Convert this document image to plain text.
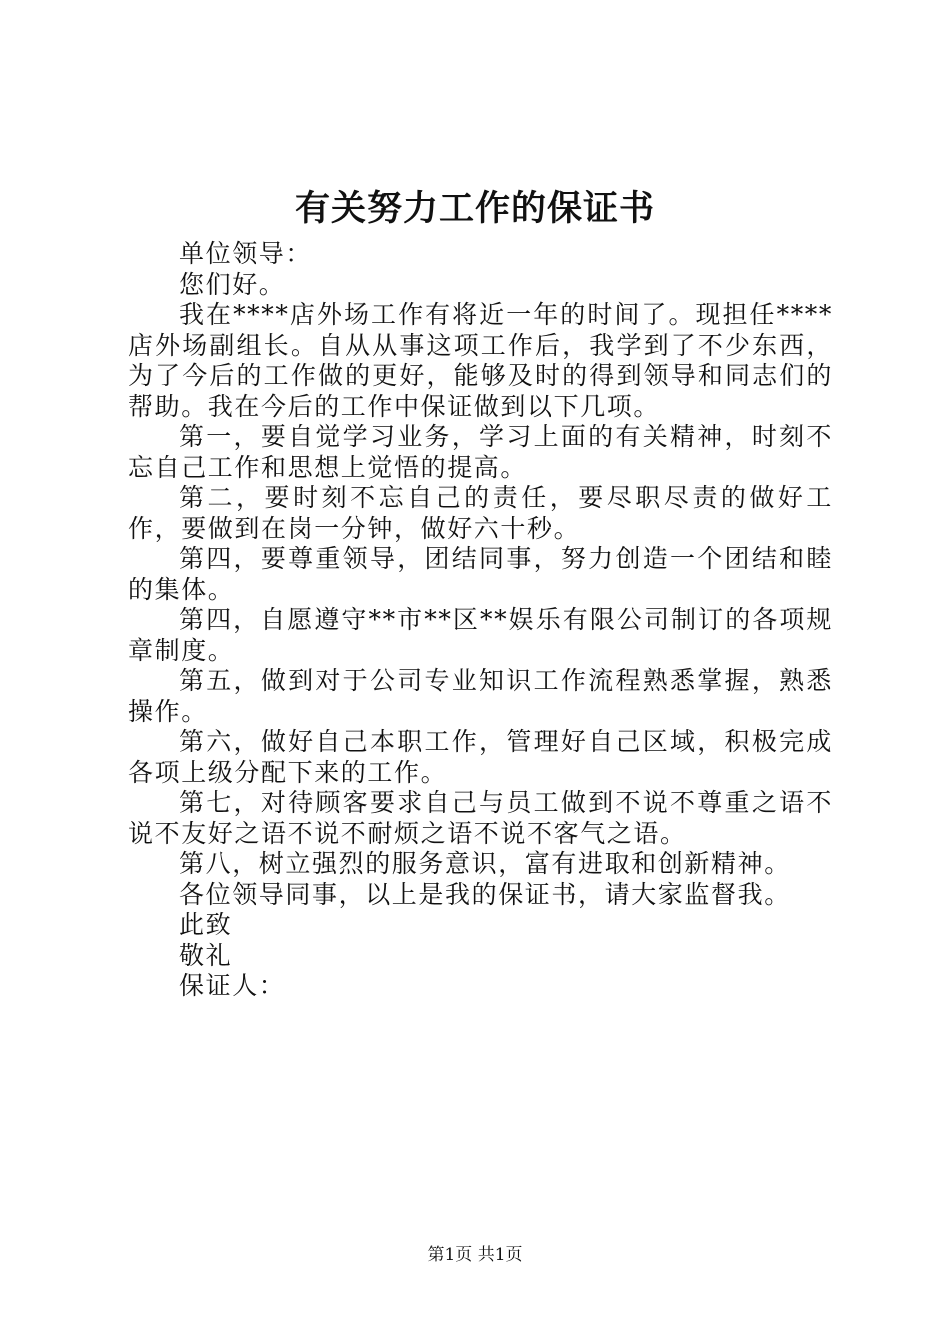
有关努力工作的保证书

单位领导：

您们好。

我在****店外场工作有将近一年的时间了。现担任****店外场副组长。自从从事这项工作后，我学到了不少东西，为了今后的工作做的更好，能够及时的得到领导和同志们的帮助。我在今后的工作中保证做到以下几项。

第一，要自觉学习业务，学习上面的有关精神，时刻不忘自己工作和思想上觉悟的提高。

第二，要时刻不忘自己的责任，要尽职尽责的做好工作，要做到在岗一分钟，做好六十秒。

第四，要尊重领导，团结同事，努力创造一个团结和睦的集体。

第四，自愿遵守**市**区**娱乐有限公司制订的各项规章制度。

第五，做到对于公司专业知识工作流程熟悉掌握，熟悉操作。

第六，做好自己本职工作，管理好自己区域，积极完成各项上级分配下来的工作。

第七，对待顾客要求自己与员工做到不说不尊重之语不说不友好之语不说不耐烦之语不说不客气之语。

第八，树立强烈的服务意识，富有进取和创新精神。

各位领导同事，以上是我的保证书，请大家监督我。

此致

敬礼

保证人：

第1页 共1页
